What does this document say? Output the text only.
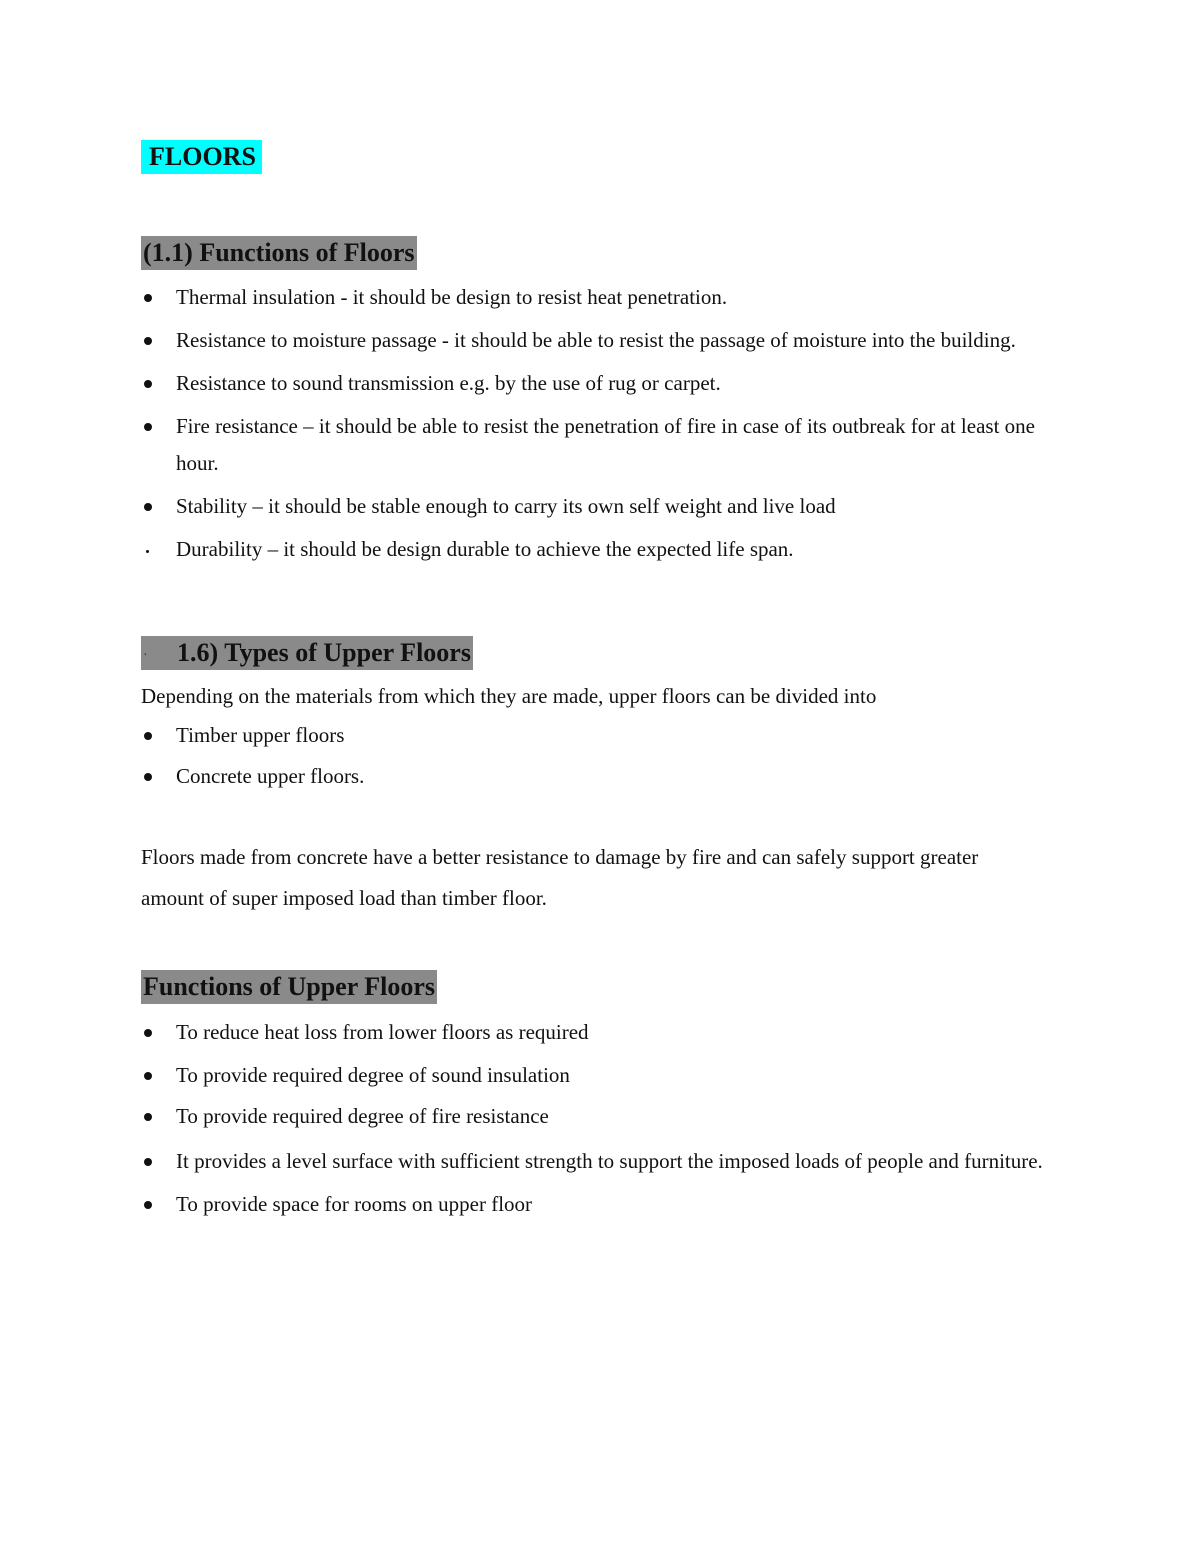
FLOORS
(1.1) Functions of Floors
Thermal insulation - it should be design to resist heat penetration.
Resistance to moisture passage - it should be able to resist the passage of moisture into the building.
Resistance to sound transmission e.g. by the use of rug or carpet.
Fire resistance – it should be able to resist the penetration of fire in case of its outbreak for at least one hour.
Stability – it should be stable enough to carry its own self weight and live load
Durability – it should be design durable to achieve the expected life span.
1.6) Types of Upper Floors
·

Depending on the materials from which they are made, upper floors can be divided into

Timber upper floors
Concrete upper floors.

Floors made from concrete have a better resistance to damage by fire and can safely support greater amount of super imposed load than timber floor.

Functions of Upper Floors
To reduce heat loss from lower floors as required
To provide required degree of sound insulation
To provide required degree of fire resistance
It provides a level surface with sufficient strength to support the imposed loads of people and furniture.
To provide space for rooms on upper floor
